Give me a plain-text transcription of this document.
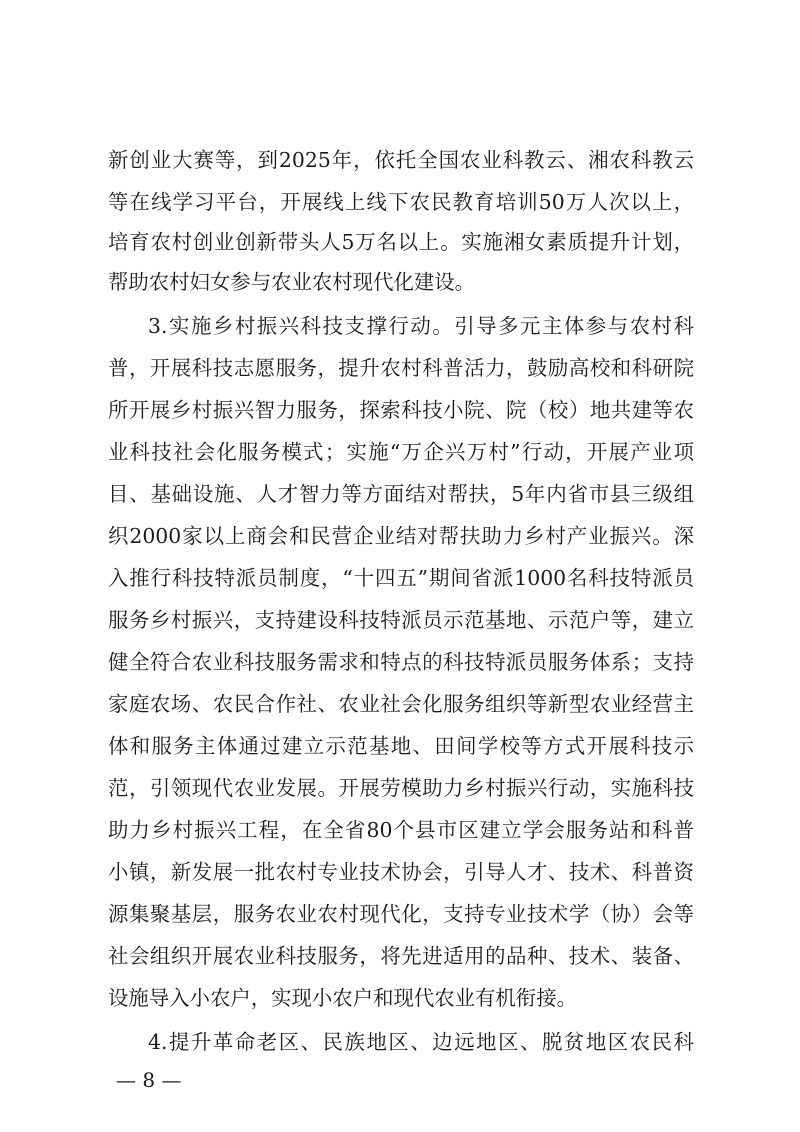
新创业大赛等，到2025年，依托全国农业科教云、湘农科教云
等在线学习平台，开展线上线下农民教育培训50万人次以上，
培育农村创业创新带头人5万名以上。实施湘女素质提升计划，
帮助农村妇女参与农业农村现代化建设。
3.实施乡村振兴科技支撑行动。引导多元主体参与农村科
普，开展科技志愿服务，提升农村科普活力，鼓励高校和科研院
所开展乡村振兴智力服务，探索科技小院、院（校）地共建等农
业科技社会化服务模式；实施“万企兴万村”行动，开展产业项
目、基础设施、人才智力等方面结对帮扶，5年内省市县三级组
织2000家以上商会和民营企业结对帮扶助力乡村产业振兴。深
入推行科技特派员制度，“十四五”期间省派1000名科技特派员
服务乡村振兴，支持建设科技特派员示范基地、示范户等，建立
健全符合农业科技服务需求和特点的科技特派员服务体系；支持
家庭农场、农民合作社、农业社会化服务组织等新型农业经营主
体和服务主体通过建立示范基地、田间学校等方式开展科技示
范，引领现代农业发展。开展劳模助力乡村振兴行动，实施科技
助力乡村振兴工程，在全省80个县市区建立学会服务站和科普
小镇，新发展一批农村专业技术协会，引导人才、技术、科普资
源集聚基层，服务农业农村现代化，支持专业技术学（协）会等
社会组织开展农业科技服务，将先进适用的品种、技术、装备、
设施导入小农户，实现小农户和现代农业有机衔接。
4.提升革命老区、民族地区、边远地区、脱贫地区农民科
— 8 —
